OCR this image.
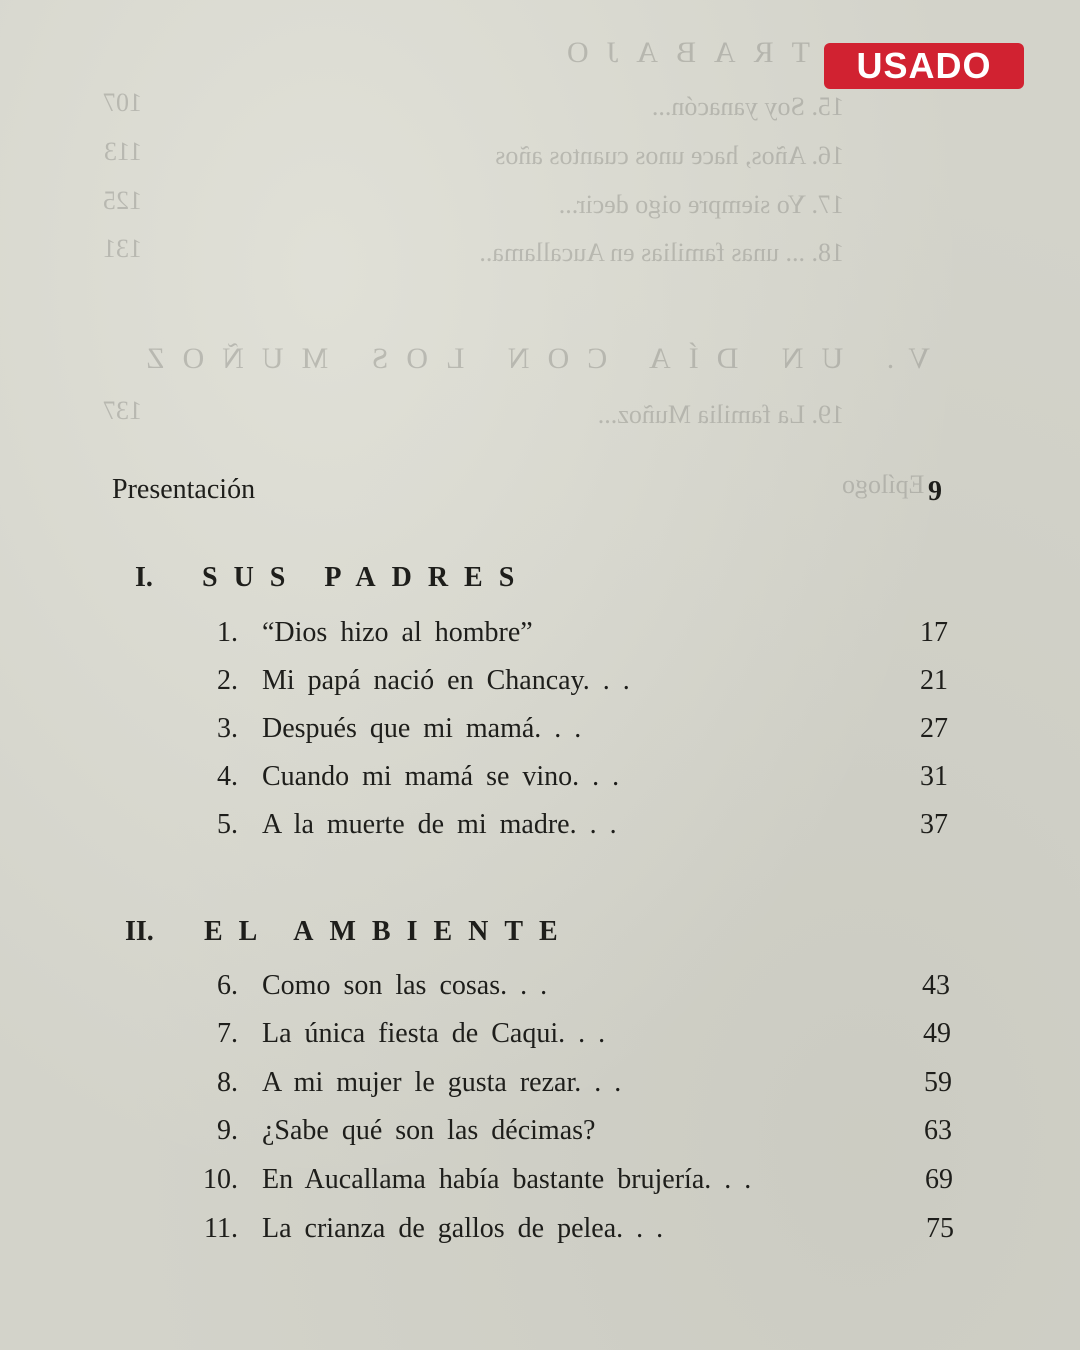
TRABAJO
15. Soy yanacón...
107
16. Años, hace unos cuantos años
113
17. Yo siempre oigo decir...
125
18. ... unas familias en Aucallama..
131
V. UN DÍA CON LOS MUÑOZ
19. La familia Muñoz...
137
Epílogo
USADO
Presentación	9
I. SUS PADRES
1. “Dios hizo al hombre”	17
2. Mi papá nació en Chancay. . .	21
3. Después que mi mamá. . .	27
4. Cuando mi mamá se vino. . .	31
5. A la muerte de mi madre. . .	37
II. EL AMBIENTE
6. Como son las cosas. . .	43
7. La única fiesta de Caqui. . .	49
8. A mi mujer le gusta rezar. . .	59
9. ¿Sabe qué son las décimas?	63
10. En Aucallama había bastante brujería. . .	69
11. La crianza de gallos de pelea. . .	75
